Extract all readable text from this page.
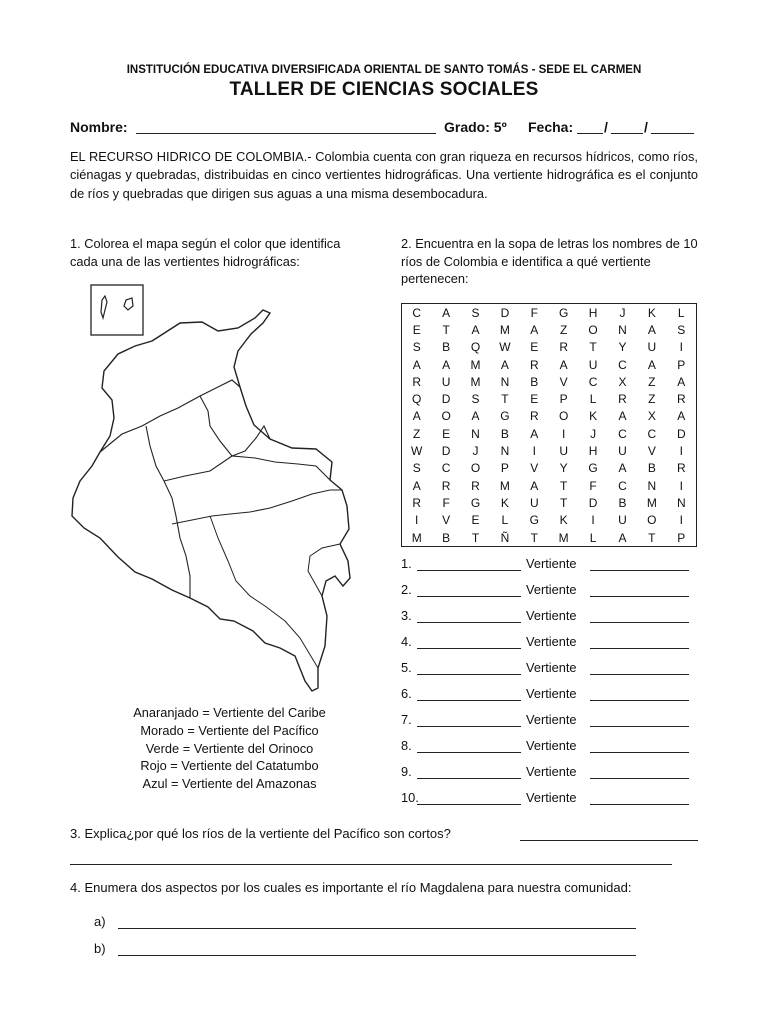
INSTITUCIÓN EDUCATIVA DIVERSIFICADA ORIENTAL DE SANTO TOMÁS - SEDE EL CARMEN
TALLER DE CIENCIAS SOCIALES
Nombre:	Grado: 5º Fecha: /	/
EL RECURSO HIDRICO DE COLOMBIA.- Colombia cuenta con gran riqueza en recursos hídricos, como ríos, ciénagas y quebradas, distribuidas en cinco vertientes hidrográficas. Una vertiente hidrográfica es el conjunto de ríos y quebradas que dirigen sus aguas a una misma desembocadura.
1. Colorea el mapa según el color que identifica cada una de las vertientes hidrográficas:
Anaranjado = Vertiente del Caribe
Morado = Vertiente del Pacífico
Verde = Vertiente del Orinoco
Rojo = Vertiente del Catatumbo
Azul = Vertiente del Amazonas
2. Encuentra en la sopa de letras los nombres de 10 ríos de Colombia e identifica a qué vertiente pertenecen:
C	A	S	D	F	G	H	J	K	L
E	T	A	M	A	Z	O	N	A	S
S	B	Q	W	E	R	T	Y	U	I
A	A	M	A	R	A	U	C	A	P
R	U	M	N	B	V	C	X	Z	A
Q	D	S	T	E	P	L	R	Z	R
A	O	A	G	R	O	K	A	X	A
Z	E	N	B	A	I	J	C	C	D
W	D	J	N	I	U	H	U	V	I
S	C	O	P	V	Y	G	A	B	R
A	R	R	M	A	T	F	C	N	I
R	F	G	K	U	T	D	B	M	N
I	V	E	L	G	K	I	U	O	I
M	B	T	Ñ	T	M	L	A	T	P
1.	Vertiente
2.	Vertiente
3.	Vertiente
4.	Vertiente
5.	Vertiente
6.	Vertiente
7.	Vertiente
8.	Vertiente
9.	Vertiente
10.	Vertiente
3. Explica¿por qué los ríos de la vertiente del Pacífico son cortos?
4. Enumera dos aspectos por los cuales es importante el río Magdalena para nuestra comunidad:
a)
b)
